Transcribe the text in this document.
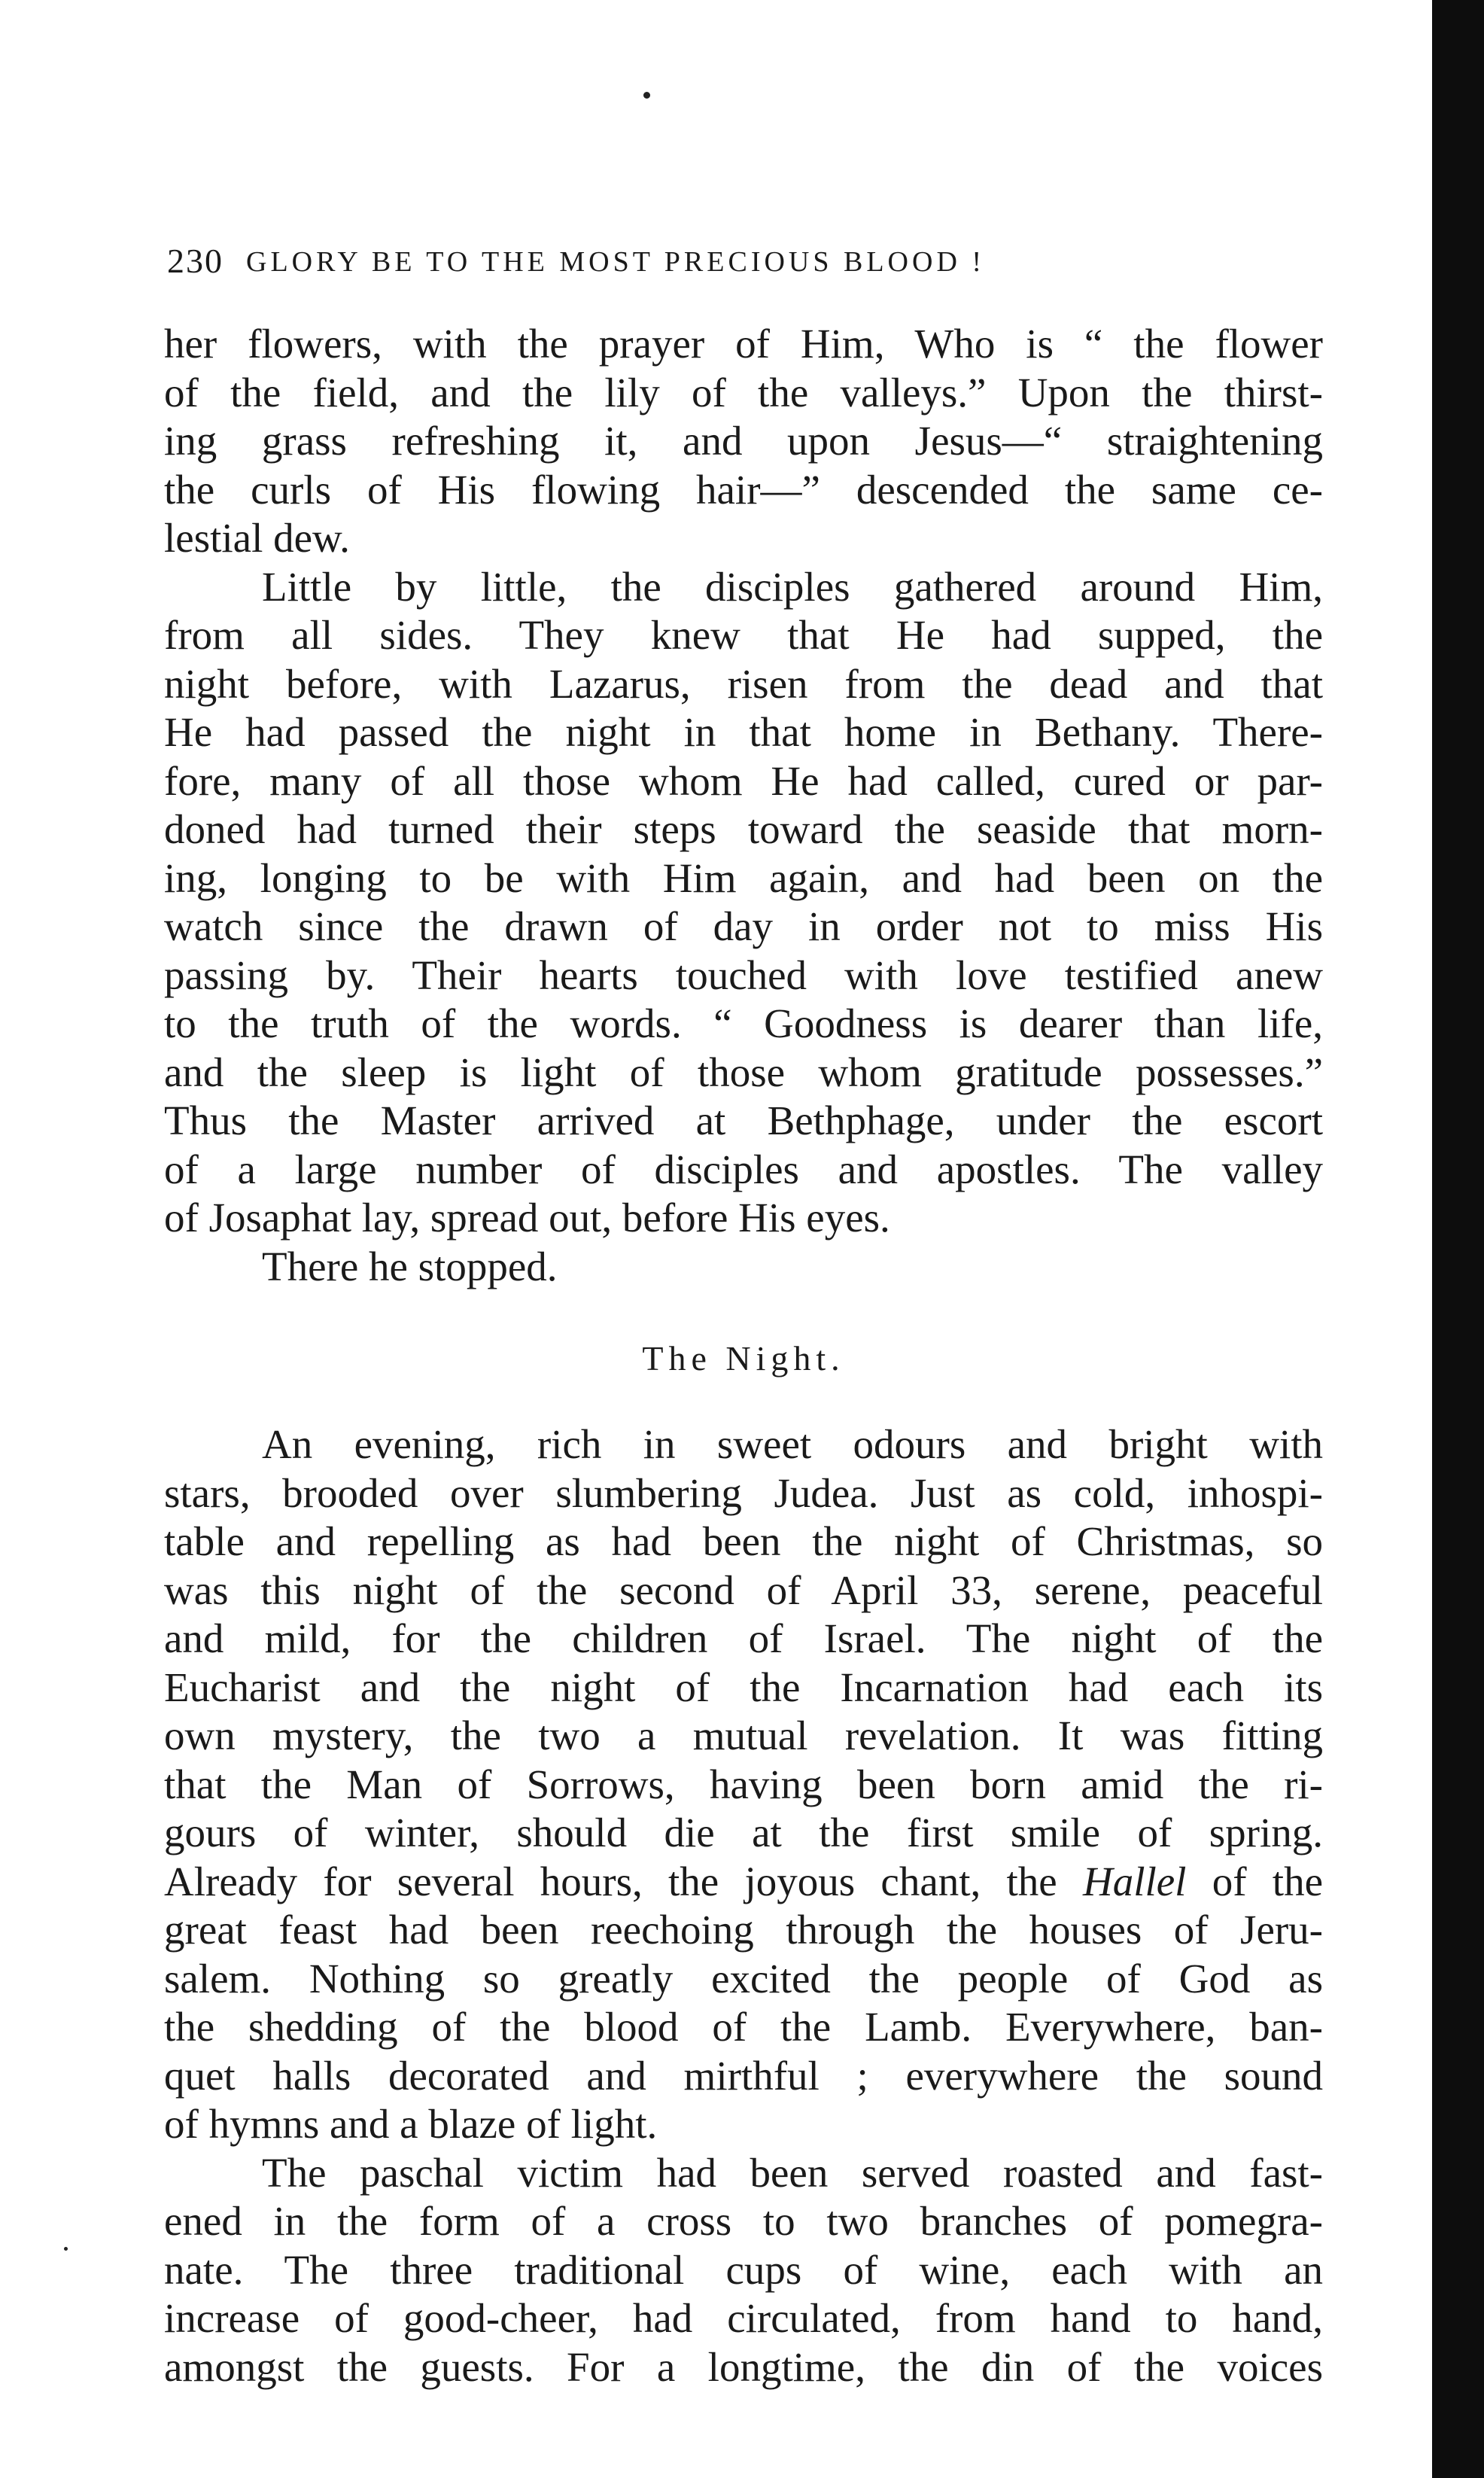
230 GLORY BE TO THE MOST PRECIOUS BLOOD !
her flowers, with the prayer of Him, Who is “ the flower
of the field, and the lily of the valleys.” Upon the thirst-
ing grass refreshing it, and upon Jesus—“ straightening
the curls of His flowing hair—” descended the same ce-
lestial dew.
Little by little, the disciples gathered around Him,
from all sides. They knew that He had supped, the
night before, with Lazarus, risen from the dead and that
He had passed the night in that home in Bethany. There-
fore, many of all those whom He had called, cured or par-
doned had turned their steps toward the seaside that morn-
ing, longing to be with Him again, and had been on the
watch since the drawn of day in order not to miss His
passing by. Their hearts touched with love testified anew
to the truth of the words. “ Goodness is dearer than life,
and the sleep is light of those whom gratitude possesses.”
Thus the Master arrived at Bethphage, under the escort
of a large number of disciples and apostles. The valley
of Josaphat lay, spread out, before His eyes.
There he stopped.
The Night.
An evening, rich in sweet odours and bright with
stars, brooded over slumbering Judea. Just as cold, inhospi-
table and repelling as had been the night of Christmas, so
was this night of the second of April 33, serene, peaceful
and mild, for the children of Israel. The night of the
Eucharist and the night of the Incarnation had each its
own mystery, the two a mutual revelation. It was fitting
that the Man of Sorrows, having been born amid the ri-
gours of winter, should die at the first smile of spring.
Already for several hours, the joyous chant, the Hallel of the
great feast had been reechoing through the houses of Jeru-
salem. Nothing so greatly excited the people of God as
the shedding of the blood of the Lamb. Everywhere, ban-
quet halls decorated and mirthful ; everywhere the sound
of hymns and a blaze of light.
The paschal victim had been served roasted and fast-
ened in the form of a cross to two branches of pomegra-
nate. The three traditional cups of wine, each with an
increase of good-cheer, had circulated, from hand to hand,
amongst the guests. For a longtime, the din of the voices
